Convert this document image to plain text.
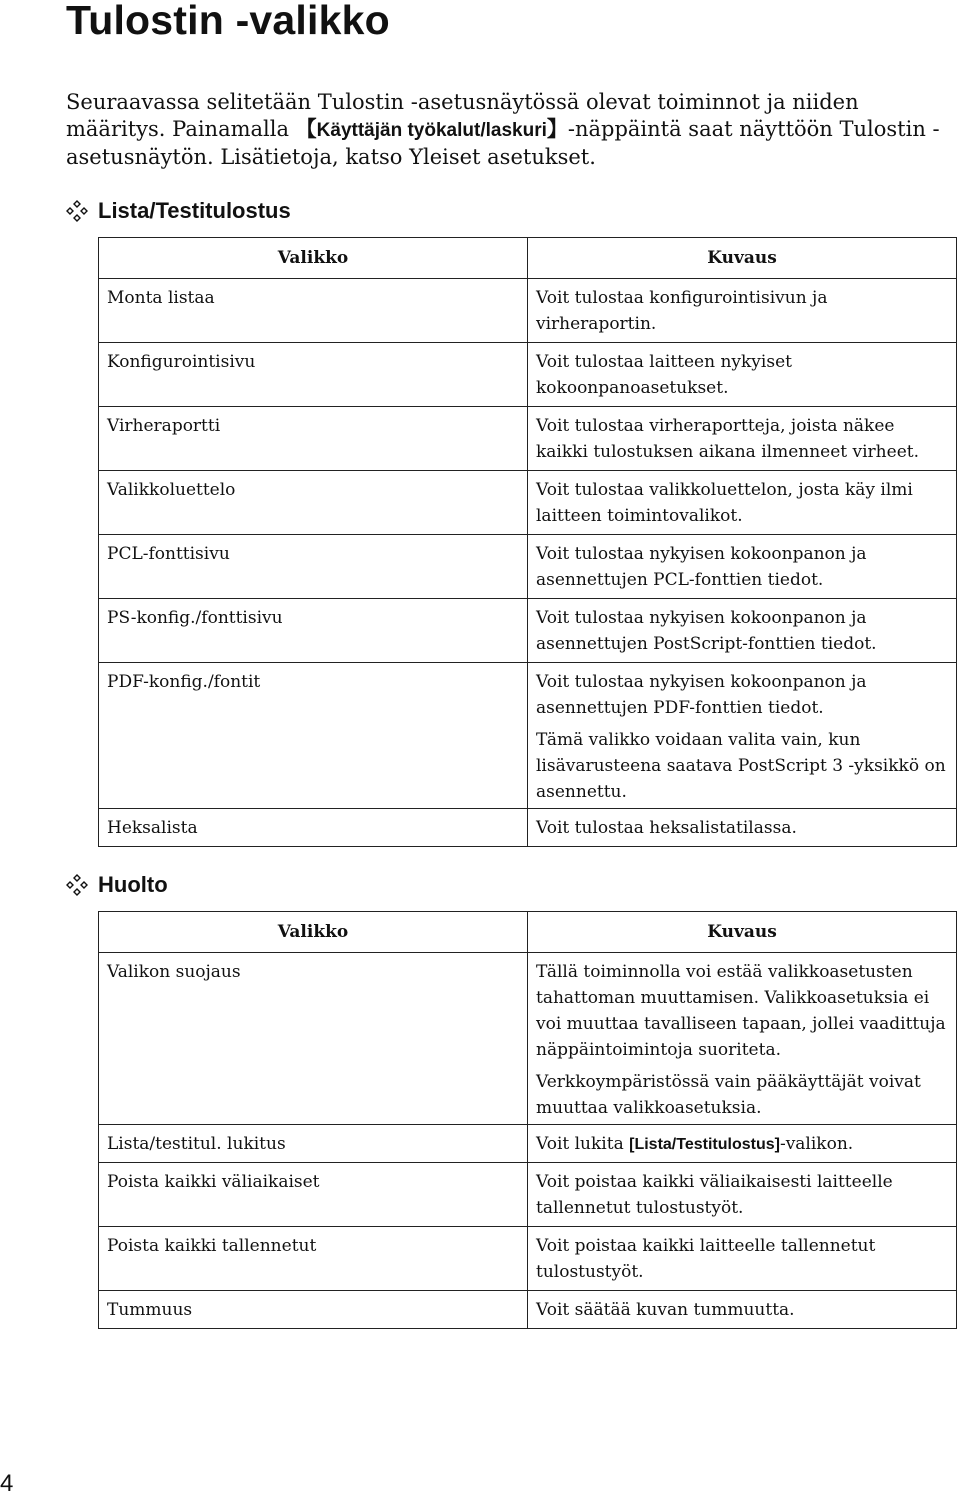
Tulostin -valikko

Seuraavassa selitetään Tulostin -asetusnäytössä olevat toiminnot ja niiden määritys. Painamalla 【Käyttäjän työkalut/laskuri】-näppäintä saat näyttöön Tulostin -asetusnäytön. Lisätietoja, katso Yleiset asetukset.

Lista/Testitulostus
Valikko	Kuvaus

Monta listaa	Voit tulostaa konfigurointisivun ja virheraportin.

Konfigurointisivu	Voit tulostaa laitteen nykyiset kokoonpanoasetukset.

Virheraportti	Voit tulostaa virheraportteja, joista näkee kaikki tulostuksen aikana ilmenneet virheet.

Valikkoluettelo	Voit tulostaa valikkoluettelon, josta käy ilmi laitteen toimintovalikot.

PCL-fonttisivu	Voit tulostaa nykyisen kokoonpanon ja asennettujen PCL-fonttien tiedot.

PS-konfig./fonttisivu	Voit tulostaa nykyisen kokoonpanon ja asennettujen PostScript-fonttien tiedot.

PDF-konfig./fontit	Voit tulostaa nykyisen kokoonpanon ja asennettujen PDF-fonttien tiedot.

Tämä valikko voidaan valita vain, kun lisävarusteena saatava PostScript 3 -yksikkö on asennettu.

Heksalista	Voit tulostaa heksalistatilassa.

Huolto
Valikko	Kuvaus

Valikon suojaus	Tällä toiminnolla voi estää valikkoasetusten tahattoman muuttamisen. Valikkoasetuksia ei voi muuttaa tavalliseen tapaan, jollei vaadittuja näppäintoimintoja suoriteta.

Verkkoympäristössä vain pääkäyttäjät voivat muuttaa valikkoasetuksia.

Lista/testitul. lukitus	Voit lukita [Lista/Testitulostus]-valikon.

Poista kaikki väliaikaiset	Voit poistaa kaikki väliaikaisesti laitteelle tallennetut tulostustyöt.

Poista kaikki tallennetut	Voit poistaa kaikki laitteelle tallennetut tulostustyöt.

Tummuus	Voit säätää kuvan tummuutta.

4
